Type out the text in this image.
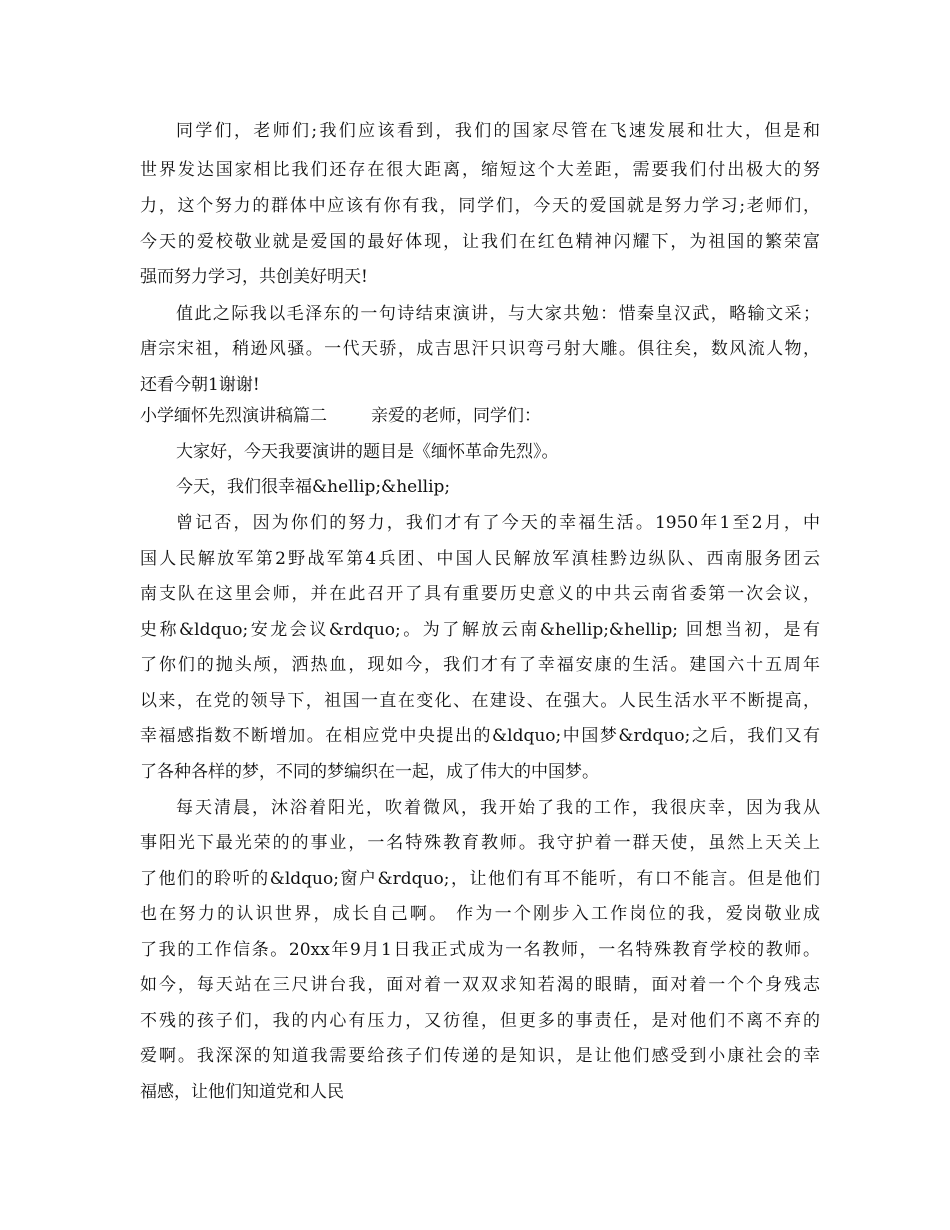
同学们，老师们;我们应该看到，我们的国家尽管在飞速发展和壮大，但是和
世界发达国家相比我们还存在很大距离，缩短这个大差距，需要我们付出极大的努
力，这个努力的群体中应该有你有我，同学们，今天的爱国就是努力学习;老师们，
今天的爱校敬业就是爱国的最好体现，让我们在红色精神闪耀下，为祖国的繁荣富
强而努力学习，共创美好明天!
值此之际我以毛泽东的一句诗结束演讲，与大家共勉：惜秦皇汉武，略输文采；
唐宗宋祖，稍逊风骚。一代天骄，成吉思汗只识弯弓射大雕。俱往矣，数风流人物，
还看今朝1谢谢!
小学缅怀先烈演讲稿篇二	亲爱的老师，同学们：
大家好，今天我要演讲的题目是《缅怀革命先烈》。
今天，我们很幸福&hellip;&hellip;
曾记否，因为你们的努力，我们才有了今天的幸福生活。1950年1至2月，中
国人民解放军第2野战军第4兵团、中国人民解放军滇桂黔边纵队、西南服务团云
南支队在这里会师，并在此召开了具有重要历史意义的中共云南省委第一次会议，
史称&ldquo;安龙会议&rdquo;。为了解放云南&hellip;&hellip; 回想当初，是有
了你们的抛头颅，洒热血，现如今，我们才有了幸福安康的生活。建国六十五周年
以来，在党的领导下，祖国一直在变化、在建设、在强大。人民生活水平不断提高，
幸福感指数不断增加。在相应党中央提出的&ldquo;中国梦&rdquo;之后，我们又有
了各种各样的梦，不同的梦编织在一起，成了伟大的中国梦。
每天清晨，沐浴着阳光，吹着微风，我开始了我的工作，我很庆幸，因为我从
事阳光下最光荣的的事业，一名特殊教育教师。我守护着一群天使，虽然上天关上
了他们的聆听的&ldquo;窗户&rdquo;，让他们有耳不能听，有口不能言。但是他们
也在努力的认识世界，成长自己啊。 作为一个刚步入工作岗位的我，爱岗敬业成
了我的工作信条。20xx年9月1日我正式成为一名教师，一名特殊教育学校的教师。
如今，每天站在三尺讲台我，面对着一双双求知若渴的眼睛，面对着一个个身残志
不残的孩子们，我的内心有压力，又彷徨，但更多的事责任，是对他们不离不弃的
爱啊。我深深的知道我需要给孩子们传递的是知识，是让他们感受到小康社会的幸
福感，让他们知道党和人民
